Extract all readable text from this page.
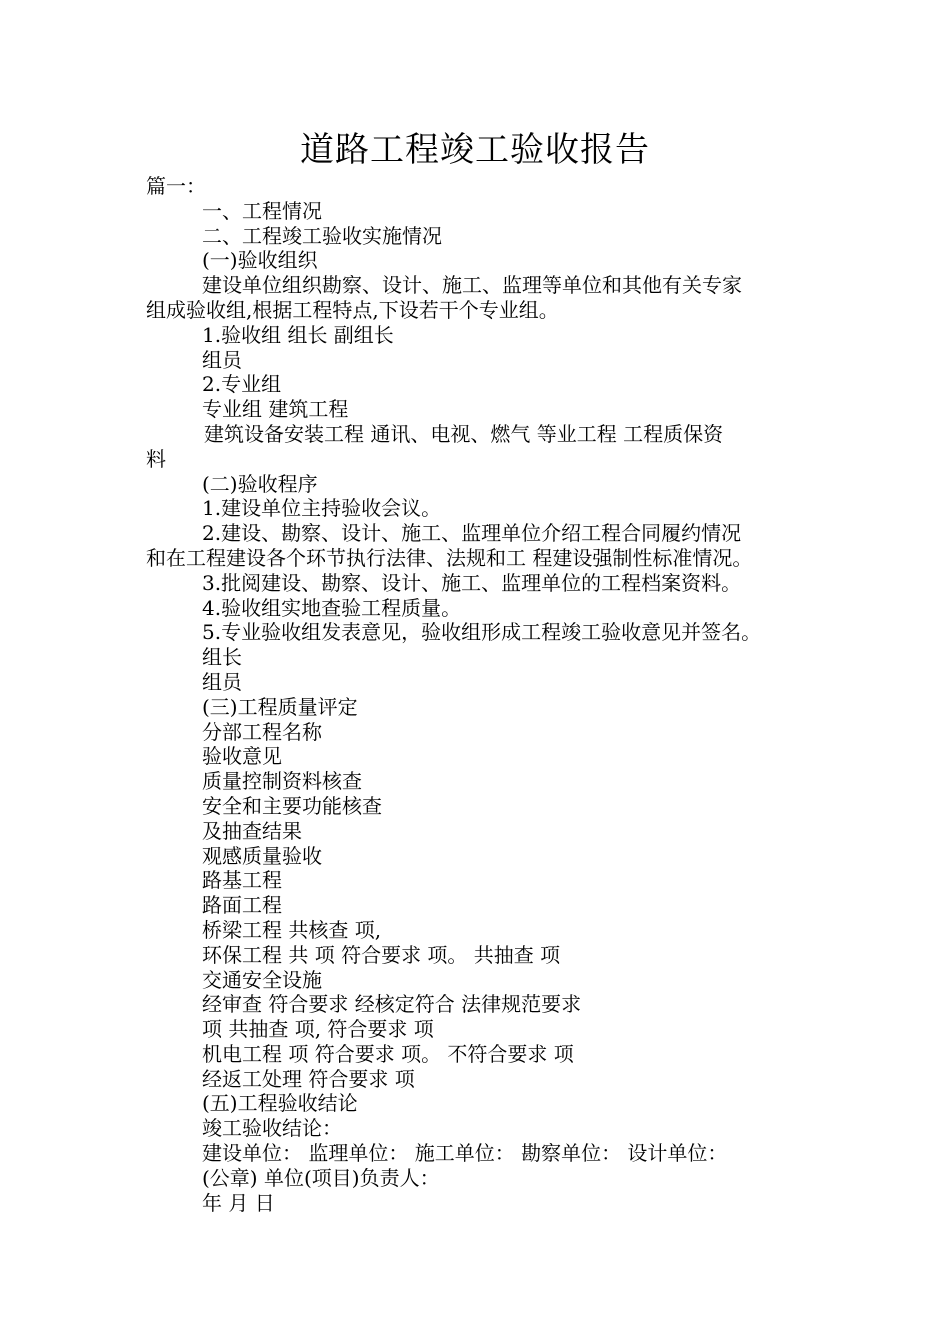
道路工程竣工验收报告
篇一：
一、工程情况
二、工程竣工验收实施情况
(一)验收组织
建设单位组织勘察、设计、施工、监理等单位和其他有关专家
组成验收组,根据工程特点,下设若干个专业组。
1.验收组 组长 副组长
组员
2.专业组
专业组 建筑工程
建筑设备安装工程 通讯、电视、燃气 等业工程 工程质保资
料
(二)验收程序
1.建设单位主持验收会议。
2.建设、勘察、设计、施工、监理单位介绍工程合同履约情况
和在工程建设各个环节执行法律、法规和工 程建设强制性标准情况。
3.批阅建设、勘察、设计、施工、监理单位的工程档案资料。
4.验收组实地查验工程质量。
5.专业验收组发表意见，验收组形成工程竣工验收意见并签名。
组长
组员
(三)工程质量评定
分部工程名称
验收意见
质量控制资料核查
安全和主要功能核查
及抽查结果
观感质量验收
路基工程
路面工程
桥梁工程 共核查 项,
环保工程 共 项 符合要求 项。 共抽查 项
交通安全设施
经审查 符合要求 经核定符合 法律规范要求
项 共抽查 项, 符合要求 项
机电工程 项 符合要求 项。 不符合要求 项
经返工处理 符合要求 项
(五)工程验收结论
竣工验收结论：
建设单位： 监理单位： 施工单位： 勘察单位： 设计单位：
(公章) 单位(项目)负责人：
年 月 日
